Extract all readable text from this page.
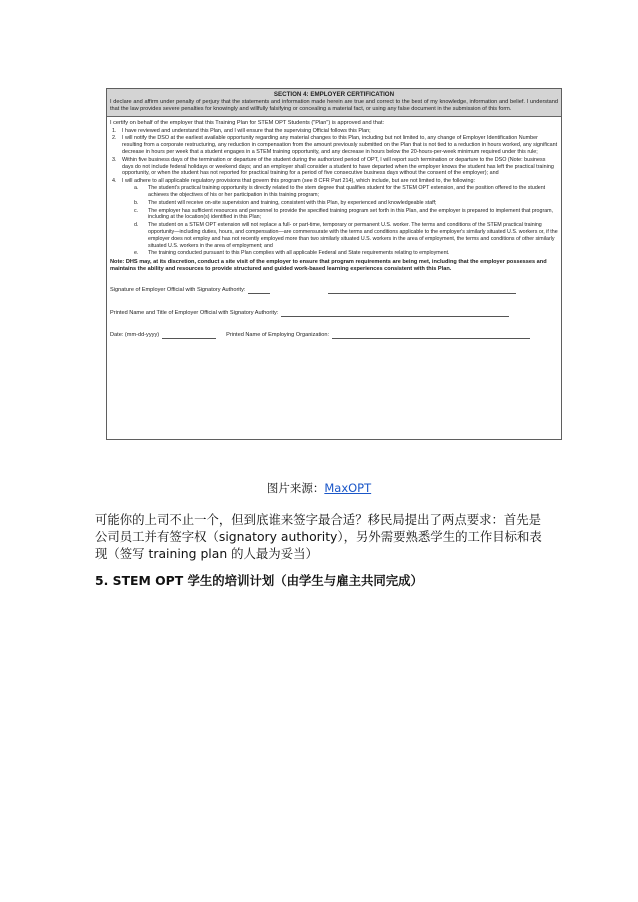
SECTION 4: EMPLOYER CERTIFICATION
I declare and affirm under penalty of perjury that the statements and information made herein are true and correct to the best of my knowledge, information and belief. I understand that the law provides severe penalties for knowingly and willfully falsifying or concealing a material fact, or using any false document in the submission of this form.
I certify on behalf of the employer that this Training Plan for STEM OPT Students ("Plan") is approved and that:
1.	I have reviewed and understand this Plan, and I will ensure that the supervising Official follows this Plan;
2.	I will notify the DSO at the earliest available opportunity regarding any material changes to this Plan, including but not limited to, any change of Employer Identification Number resulting from a corporate restructuring, any reduction in compensation from the amount previously submitted on the Plan that is not tied to a reduction in hours worked, any significant decrease in hours per week that a student engages in a STEM training opportunity, and any decrease in hours below the 20-hours-per-week minimum required under this rule;
3.	Within five business days of the termination or departure of the student during the authorized period of OPT, I will report such termination or departure to the DSO (Note: business days do not include federal holidays or weekend days; and an employer shall consider a student to have departed when the employer knows the student has left the practical training opportunity, or when the student has not reported for practical training for a period of five consecutive business days without the consent of the employer); and
4.	I will adhere to all applicable regulatory provisions that govern this program (see 8 CFR Part 214), which include, but are not limited to, the following:
a.	The student's practical training opportunity is directly related to the stem degree that qualifies student for the STEM OPT extension, and the position offered to the student achieves the objectives of his or her participation in this training program;
b.	The student will receive on-site supervision and training, consistent with this Plan, by experienced and knowledgeable staff;
c.	The employer has sufficient resources and personnel to provide the specified training program set forth in this Plan, and the employer is prepared to implement that program, including at the location(s) identified in this Plan;
d.	The student on a STEM OPT extension will not replace a full- or part-time, temporary or permanent U.S. worker. The terms and conditions of the STEM practical training opportunity—including duties, hours, and compensation—are commensurate with the terms and conditions applicable to the employer's similarly situated U.S. workers or, if the employer does not employ and has not recently employed more than two similarly situated U.S. workers in the area of employment, the terms and conditions of other similarly situated U.S. workers in the area of employment; and
e.	The training conducted pursuant to this Plan complies with all applicable Federal and State requirements relating to employment.
Note: DHS may, at its discretion, conduct a site visit of the employer to ensure that program requirements are being met, including that the employer possesses and maintains the ability and resources to provide structured and guided work-based learning experiences consistent with this Plan.
Signature of Employer Official with Signatory Authority:
Printed Name and Title of Employer Official with Signatory Authority:
Date: (mm-dd-yyyy)	Printed Name of Employing Organization:
图片来源：MaxOPT
可能你的上司不止一个，但到底谁来签字最合适？移民局提出了两点要求：首先是公司员工并有签字权（signatory authority），另外需要熟悉学生的工作目标和表现（签写 training plan 的人最为妥当）
5. STEM OPT 学生的培训计划（由学生与雇主共同完成）
